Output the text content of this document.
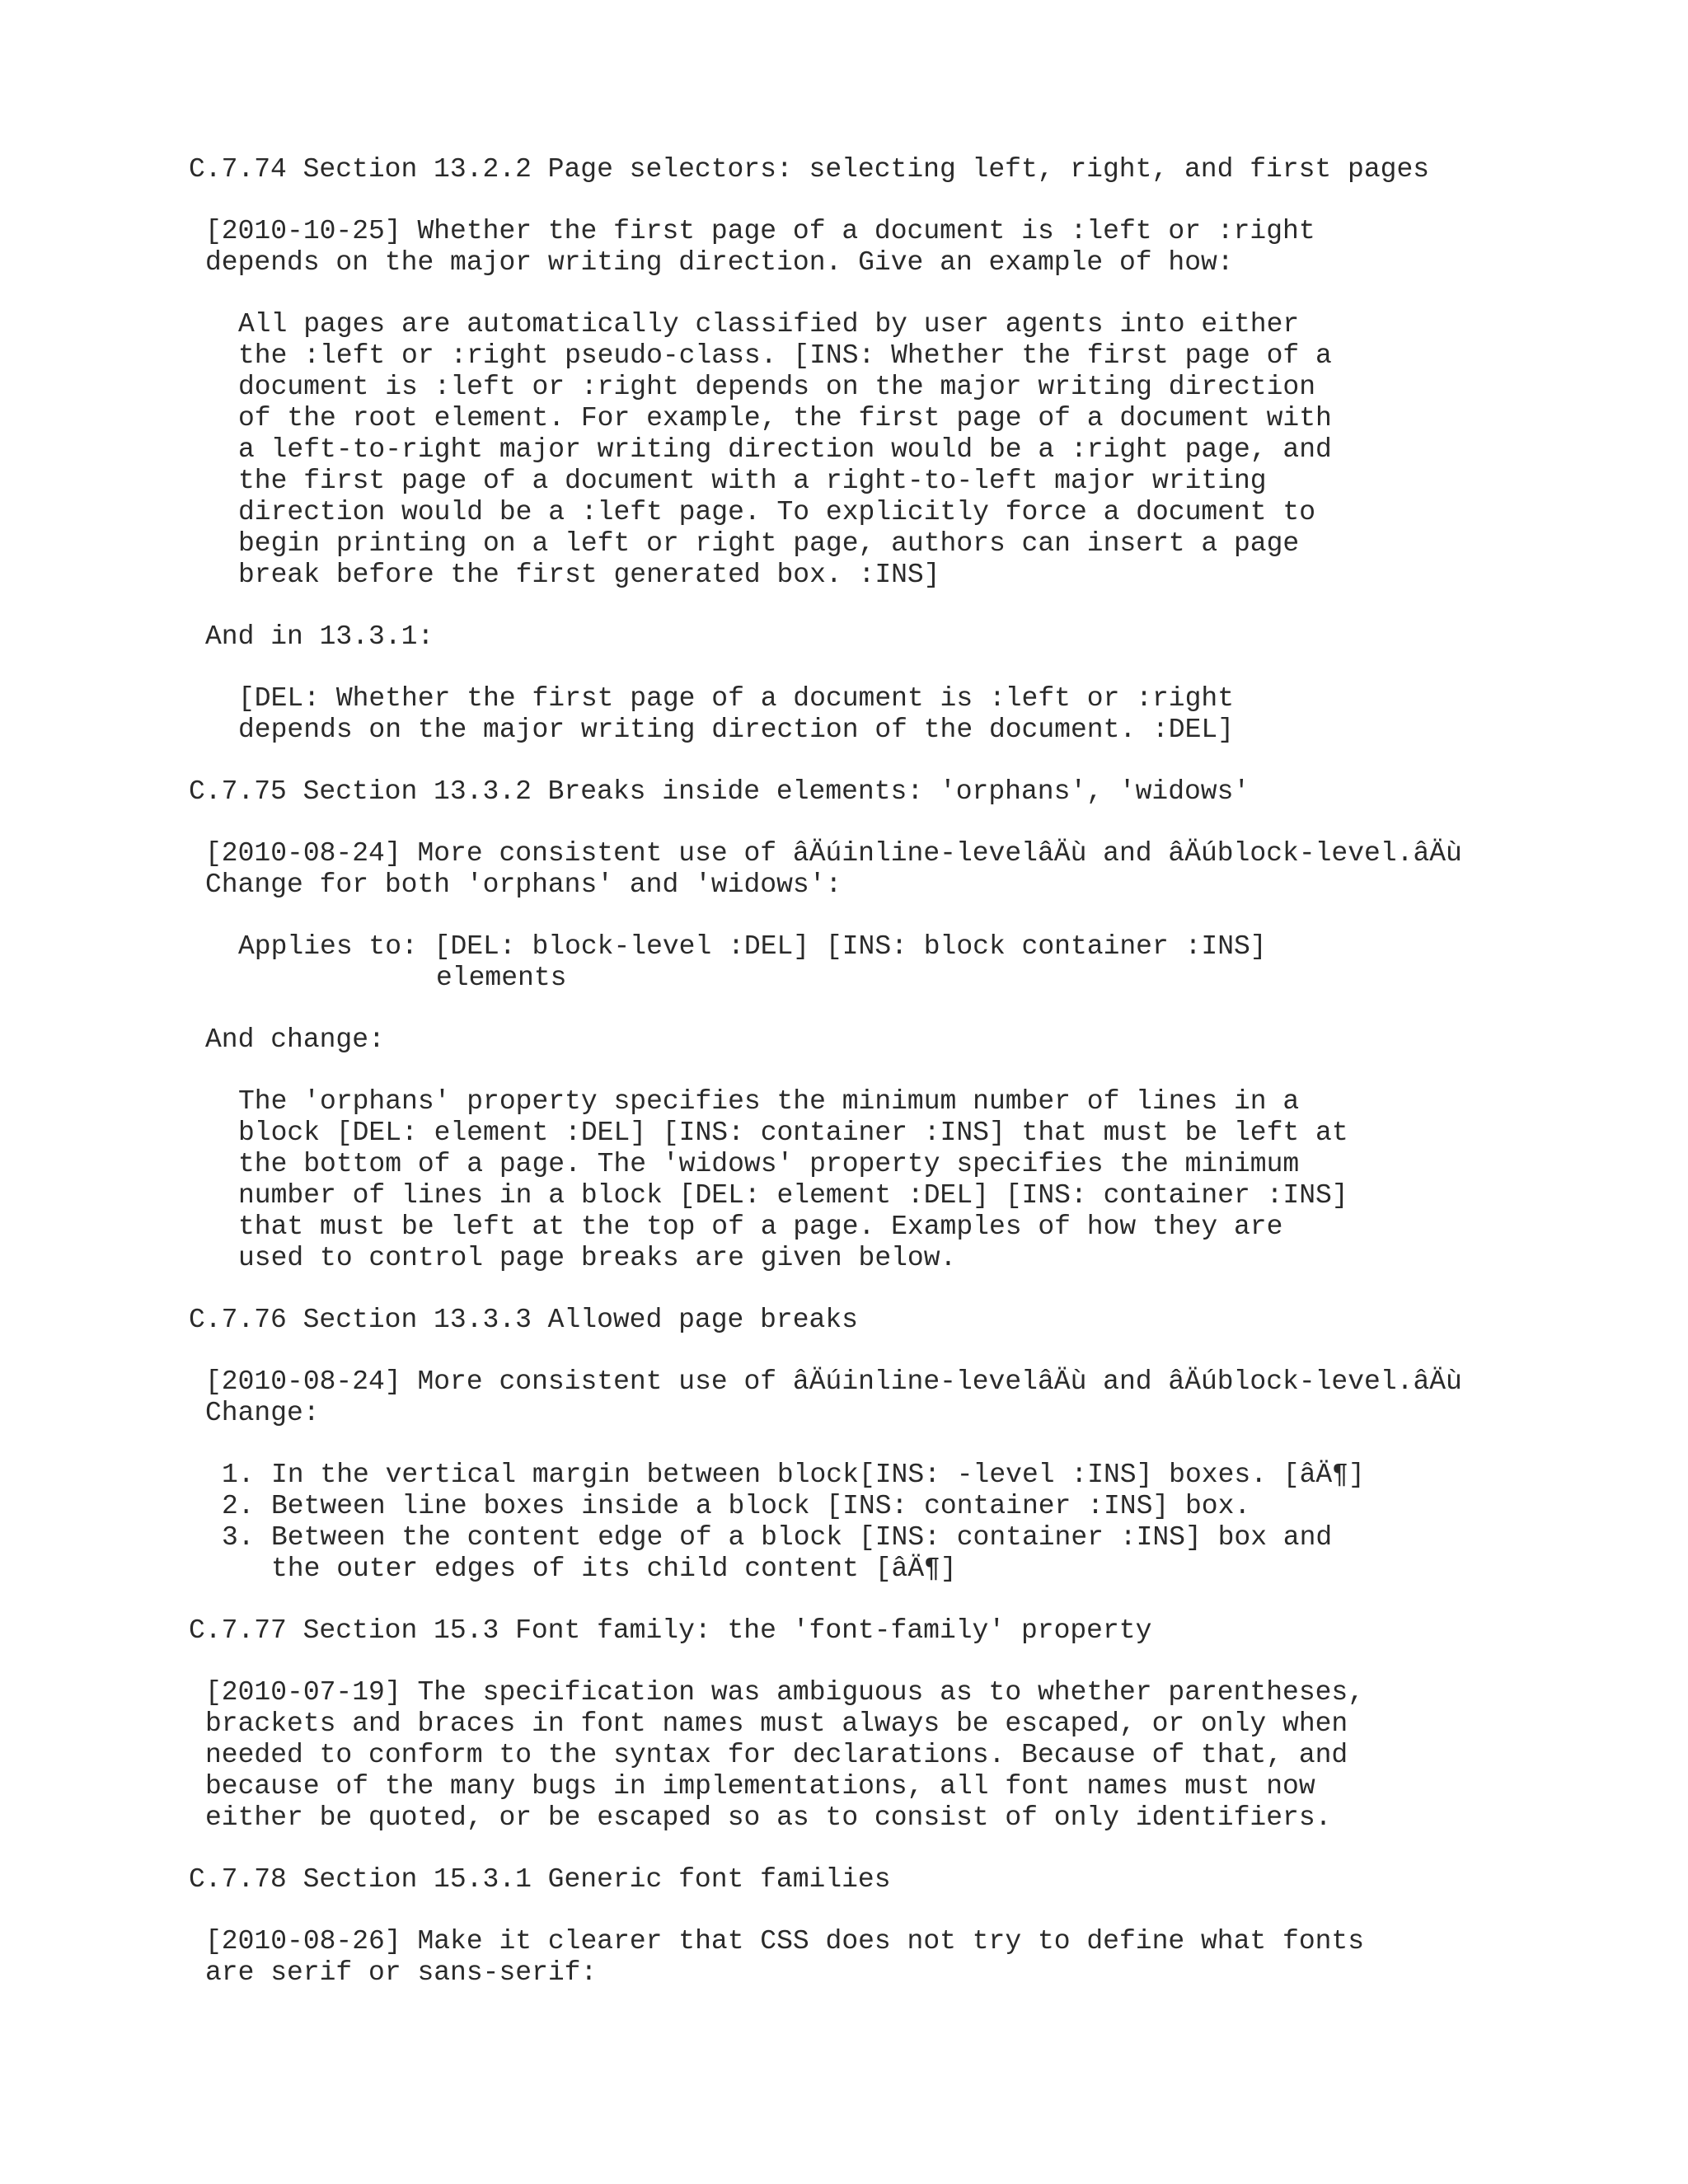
C.7.74 Section 13.2.2 Page selectors: selecting left, right, and first pages

[2010-10-25] Whether the first page of a document is :left or :right

depends on the major writing direction. Give an example of how:

All pages are automatically classified by user agents into either

the :left or :right pseudo-class. [INS: Whether the first page of a

document is :left or :right depends on the major writing direction

of the root element. For example, the first page of a document with

a left-to-right major writing direction would be a :right page, and

the first page of a document with a right-to-left major writing

direction would be a :left page. To explicitly force a document to

begin printing on a left or right page, authors can insert a page

break before the first generated box. :INS]

And in 13.3.1:

[DEL: Whether the first page of a document is :left or :right

depends on the major writing direction of the document. :DEL]

C.7.75 Section 13.3.2 Breaks inside elements: 'orphans', 'widows'

[2010-08-24] More consistent use of âÄúinline-levelâÄù and âÄúblock-level.âÄù

Change for both 'orphans' and 'widows':

Applies to: [DEL: block-level :DEL] [INS: block container :INS]

elements

And change:

The 'orphans' property specifies the minimum number of lines in a

block [DEL: element :DEL] [INS: container :INS] that must be left at

the bottom of a page. The 'widows' property specifies the minimum

number of lines in a block [DEL: element :DEL] [INS: container :INS]

that must be left at the top of a page. Examples of how they are

used to control page breaks are given below.

C.7.76 Section 13.3.3 Allowed page breaks

[2010-08-24] More consistent use of âÄúinline-levelâÄù and âÄúblock-level.âÄù

Change:

1. In the vertical margin between block[INS: -level :INS] boxes. [âÄ¶]

2. Between line boxes inside a block [INS: container :INS] box.

3. Between the content edge of a block [INS: container :INS] box and

the outer edges of its child content [âÄ¶]

C.7.77 Section 15.3 Font family: the 'font-family' property

[2010-07-19] The specification was ambiguous as to whether parentheses,

brackets and braces in font names must always be escaped, or only when

needed to conform to the syntax for declarations. Because of that, and

because of the many bugs in implementations, all font names must now

either be quoted, or be escaped so as to consist of only identifiers.

C.7.78 Section 15.3.1 Generic font families

[2010-08-26] Make it clearer that CSS does not try to define what fonts

are serif or sans-serif:
